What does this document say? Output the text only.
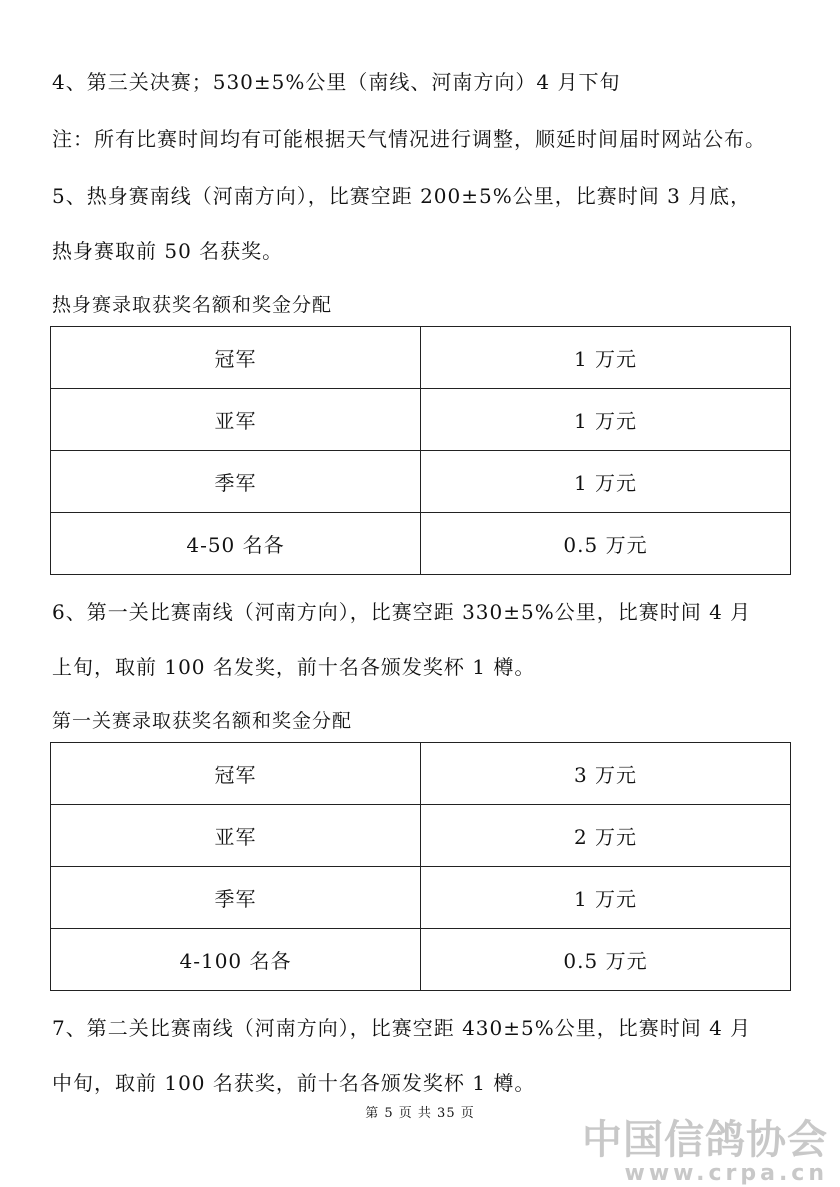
4、第三关决赛；530±5%公里（南线、河南方向）4 月下旬
注：所有比赛时间均有可能根据天气情况进行调整，顺延时间届时网站公布。
5、热身赛南线（河南方向），比赛空距 200±5%公里，比赛时间 3 月底，
热身赛取前 50 名获奖。
热身赛录取获奖名额和奖金分配
冠军	1 万元
亚军	1 万元
季军	1 万元
4-50 名各	0.5 万元
6、第一关比赛南线（河南方向），比赛空距 330±5%公里，比赛时间 4 月
上旬，取前 100 名发奖，前十名各颁发奖杯 1 樽。
第一关赛录取获奖名额和奖金分配
冠军	3 万元
亚军	2 万元
季军	1 万元
4-100 名各	0.5 万元
7、第二关比赛南线（河南方向），比赛空距 430±5%公里，比赛时间 4 月
中旬，取前 100 名获奖，前十名各颁发奖杯 1 樽。
第 5 页 共 35 页
中国信鸽协会
www.crpa.cn
